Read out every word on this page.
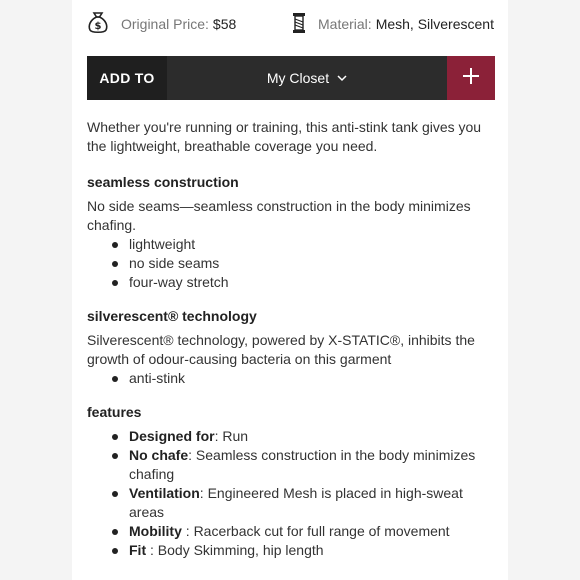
$ Original Price: $58	Material: Mesh, Silverescent
ADD TO	My Closet
Whether you're running or training, this anti-stink tank gives you the lightweight, breathable coverage you need.
seamless construction
No side seams—seamless construction in the body minimizes chafing.
lightweight
no side seams
four-way stretch
silverescent® technology
Silverescent® technology, powered by X-STATIC®, inhibits the growth of odour-causing bacteria on this garment
anti-stink
features
Designed for: Run
No chafe: Seamless construction in the body minimizes chafing
Ventilation: Engineered Mesh is placed in high-sweat areas
Mobility : Racerback cut for full range of movement
Fit : Body Skimming, hip length
